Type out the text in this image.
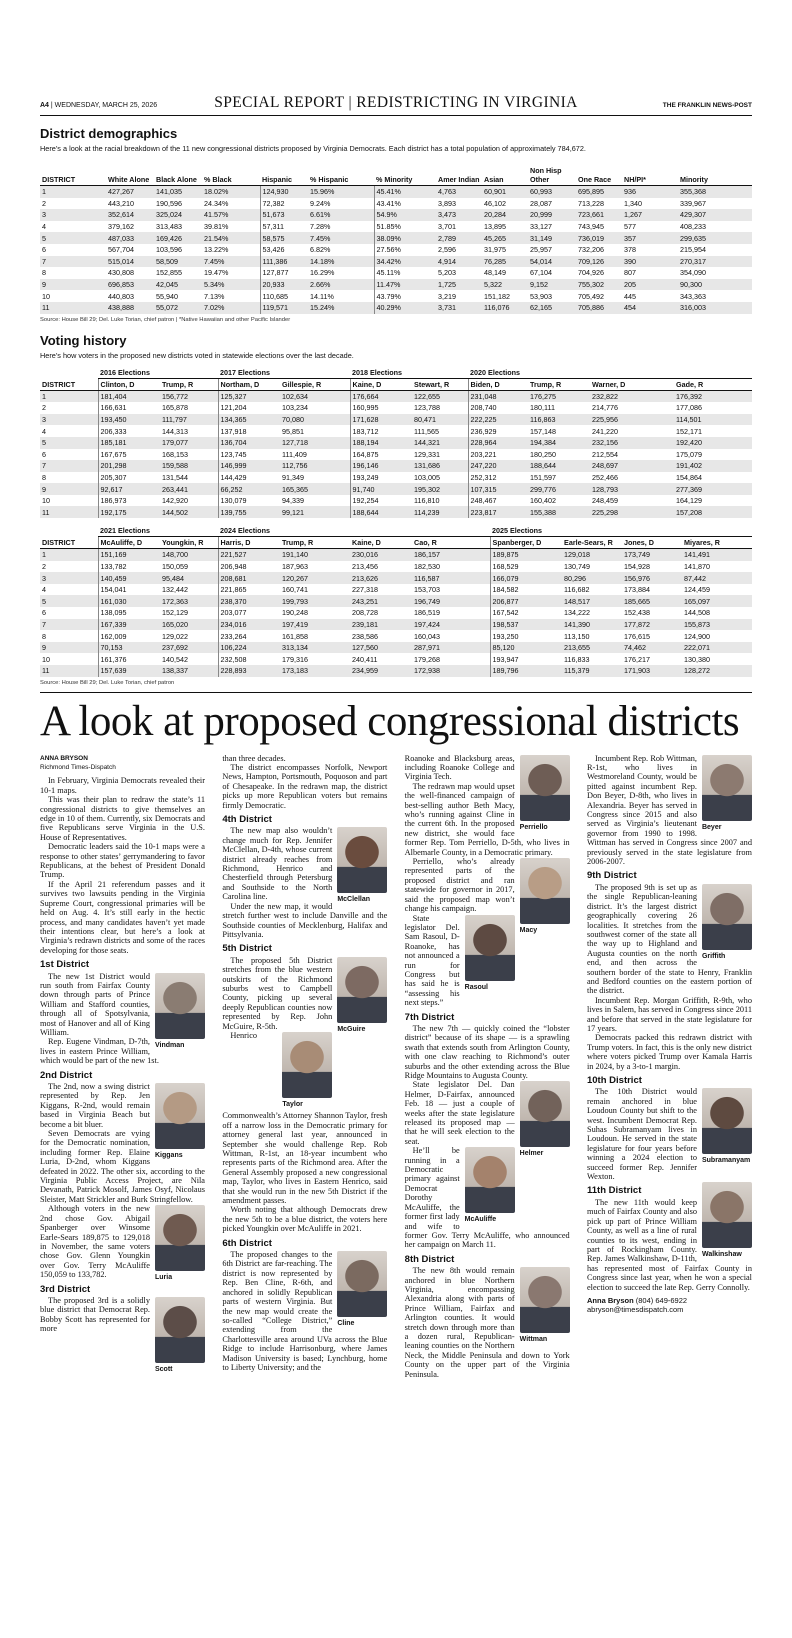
A4 | WEDNESDAY, MARCH 25, 2026	SPECIAL REPORT | REDISTRICTING IN VIRGINIA	THE FRANKLIN NEWS-POST
District demographics

Here’s a look at the racial breakdown of the 11 new congressional districts proposed by Virginia Democrats. Each district has a total population of approximately 784,672.

DISTRICT	White Alone	Black Alone	% Black	Hispanic	% Hispanic	% Minority	Amer Indian	Asian	Non Hisp Other	One Race	NH/PI*	Minority
1	427,267	141,035	18.02%	124,930	15.96%	45.41%	4,763	60,901	60,993	695,895	936	355,368
2	443,210	190,596	24.34%	72,382	9.24%	43.41%	3,893	46,102	28,087	713,228	1,340	339,967
3	352,614	325,024	41.57%	51,673	6.61%	54.9%	3,473	20,284	20,999	723,661	1,267	429,307
4	379,162	313,483	39.81%	57,311	7.28%	51.85%	3,701	13,895	33,127	743,945	577	408,233
5	487,033	169,426	21.54%	58,575	7.45%	38.09%	2,789	45,265	31,149	736,019	357	299,635
6	567,704	103,596	13.22%	53,426	6.82%	27.56%	2,596	31,975	25,957	732,206	378	215,954
7	515,014	58,509	7.45%	111,386	14.18%	34.42%	4,914	76,285	54,014	709,126	390	270,317
8	430,808	152,855	19.47%	127,877	16.29%	45.11%	5,203	48,149	67,104	704,926	807	354,090
9	696,853	42,045	5.34%	20,933	2.66%	11.47%	1,725	5,322	9,152	755,302	205	90,300
10	440,803	55,940	7.13%	110,685	14.11%	43.79%	3,219	151,182	53,903	705,492	445	343,363
11	438,888	55,072	7.02%	119,571	15.24%	40.29%	3,731	116,076	62,165	705,886	454	316,003
Source: House Bill 29; Del. Luke Torian, chief patron | *Native Hawaiian and other Pacific Islander
Voting history

Here’s how voters in the proposed new districts voted in statewide elections over the last decade.

	2016 Elections		2017 Elections		2018 Elections		2020 Elections			
DISTRICT	Clinton, D	Trump, R	Northam, D	Gillespie, R	Kaine, D	Stewart, R	Biden, D	Trump, R	Warner, D	Gade, R
1	181,404	156,772	125,327	102,634	176,664	122,655	231,048	176,275	232,822	176,392
2	166,631	165,878	121,204	103,234	160,995	123,788	208,740	180,111	214,776	177,086
3	193,450	111,797	134,365	70,080	171,628	80,471	222,225	116,863	225,956	114,501
4	206,333	144,313	137,918	95,851	183,712	111,565	236,929	157,148	241,220	152,171
5	185,181	179,077	136,704	127,718	188,194	144,321	228,964	194,384	232,156	192,420
6	167,675	168,153	123,745	111,409	164,875	129,331	203,221	180,250	212,554	175,079
7	201,298	159,588	146,999	112,756	196,146	131,686	247,220	188,644	248,697	191,402
8	205,307	131,544	144,429	91,349	193,249	103,005	252,312	151,597	252,466	154,864
9	92,617	263,441	66,252	165,365	91,740	195,302	107,315	299,776	128,793	277,369
10	186,973	142,920	130,079	94,339	192,254	116,810	248,467	160,402	248,459	164,129
11	192,175	144,502	139,755	99,121	188,644	114,239	223,817	155,388	225,298	157,208
	2021 Elections		2024 Elections				2025 Elections			
DISTRICT	McAuliffe, D	Youngkin, R	Harris, D	Trump, R	Kaine, D	Cao, R	Spanberger, D	Earle-Sears, R	Jones, D	Miyares, R
1	151,169	148,700	221,527	191,140	230,016	186,157	189,875	129,018	173,749	141,491
2	133,782	150,059	206,948	187,963	213,456	182,530	168,529	130,749	154,928	141,870
3	140,459	95,484	208,681	120,267	213,626	116,587	166,079	80,296	156,976	87,442
4	154,041	132,442	221,865	160,741	227,318	153,703	184,582	116,682	173,884	124,459
5	161,030	172,363	238,370	199,793	243,251	196,749	206,877	148,517	185,665	165,097
6	138,095	152,129	203,077	190,248	208,728	186,519	167,542	134,222	152,438	144,508
7	167,339	165,020	234,016	197,419	239,181	197,424	198,537	141,390	177,872	155,873
8	162,009	129,022	233,264	161,858	238,586	160,043	193,250	113,150	176,615	124,900
9	70,153	237,692	106,224	313,134	127,560	287,971	85,120	213,655	74,462	222,071
10	161,376	140,542	232,508	179,316	240,411	179,268	193,947	116,833	176,217	130,380
11	157,639	138,337	228,893	173,183	234,959	172,938	189,796	115,379	171,903	128,272
Source: House Bill 29; Del. Luke Torian, chief patron
A look at proposed congressional districts
ANNA BRYSON
Richmond Times-Dispatch

In February, Virginia Democrats revealed their 10-1 maps.

This was their plan to redraw the state’s 11 congressional districts to give themselves an edge in 10 of them. Currently, six Democrats and five Republicans serve Virginia in the U.S. House of Representatives.

Democratic leaders said the 10-1 maps were a response to other states’ gerrymandering to favor Republicans, at the behest of President Donald Trump.

If the April 21 referendum passes and it survives two lawsuits pending in the Virginia Supreme Court, congressional primaries will be held on Aug. 4. It’s still early in the hectic process, and many candidates haven’t yet made their intentions clear, but here’s a look at Virginia’s redrawn districts and some of the races developing for those seats.

1st District
Vindman

The new 1st District would run south from Fairfax County down through parts of Prince William and Stafford counties, through all of Spotsylvania, most of Hanover and all of King William.

Rep. Eugene Vindman, D-7th, lives in eastern Prince William, which would be part of the new 1st.

2nd District
Kiggans

The 2nd, now a swing district represented by Rep. Jen Kiggans, R-2nd, would remain based in Virginia Beach but become a bit bluer.

Seven Democrats are vying for the Democratic nomination, including former Rep. Elaine Luria, D-2nd, whom Kiggans defeated in 2022. The other six, according to the Virginia Public Access Project, are Nila Devanath, Patrick Mosolf, James Osyf, Nicolaus Sleister, Matt Strickler and Burk Stringfellow.

Luria

Although voters in the new 2nd chose Gov. Abigail Spanberger over Winsome Earle-Sears 189,875 to 129,018 in November, the same voters chose Gov. Glenn Youngkin over Gov. Terry McAuliffe 150,059 to 133,782.

3rd District
Scott

The proposed 3rd is a solidly blue district that Democrat Rep. Bobby Scott has represented for more

than three decades.

The district encompasses Norfolk, Newport News, Hampton, Portsmouth, Poquoson and part of Chesapeake. In the redrawn map, the district picks up more Republican voters but remains firmly Democratic.

4th District
McClellan

The new map also wouldn’t change much for Rep. Jennifer McClellan, D-4th, whose current district already reaches from Richmond, Henrico and Chesterfield through Petersburg and Southside to the North Carolina line.

Under the new map, it would stretch further west to include Danville and the Southside counties of Mecklenburg, Halifax and Pittsylvania.

5th District
McGuire

The proposed 5th District stretches from the blue western outskirts of the Richmond suburbs west to Campbell County, picking up several deeply Republican counties now represented by Rep. John McGuire, R-5th.

Taylor

Henrico Commonwealth’s Attorney Shannon Taylor, fresh off a narrow loss in the Democratic primary for attorney general last year, announced in September she would challenge Rep. Rob Wittman, R-1st, an 18-year incumbent who represents parts of the Richmond area. After the General Assembly proposed a new congressional map, Taylor, who lives in Eastern Henrico, said that she would run in the new 5th District if the amendment passes.

Worth noting that although Democrats drew the new 5th to be a blue district, the voters here picked Youngkin over McAuliffe in 2021.

6th District
Cline

The proposed changes to the 6th District are far-reaching. The district is now represented by Rep. Ben Cline, R-6th, and anchored in solidly Republican parts of western Virginia. But the new map would create the so-called “College District,” extending from the Charlottesville area around UVa across the Blue Ridge to include Harrisonburg, where James Madison University is based; Lynchburg, home to Liberty University; and the

Perriello

Roanoke and Blacksburg areas, including Roanoke College and Virginia Tech.

The redrawn map would upset the well-financed campaign of best-selling author Beth Macy, who’s running against Cline in the current 6th. In the proposed new district, she would face former Rep. Tom Perriello, D-5th, who lives in Albemarle County, in a Democratic primary.

Macy

Perriello, who’s already represented parts of the proposed district and ran statewide for governor in 2017, said the proposed map won’t change his campaign.

Rasoul

State legislator Del. Sam Rasoul, D-Roanoke, has not announced a run for Congress but has said he is “assessing his next steps.”

7th District

The new 7th — quickly coined the “lobster district” because of its shape — is a sprawling swath that extends south from Arlington County, with one claw reaching to Richmond’s outer suburbs and the other extending across the Blue Ridge Mountains to Augusta County.

Helmer

State legislator Del. Dan Helmer, D-Fairfax, announced Feb. 18 — just a couple of weeks after the state legislature released its proposed map — that he will seek election to the seat.

McAuliffe

He’ll be running in a Democratic primary against Democrat Dorothy McAuliffe, the former first lady and wife to former Gov. Terry McAuliffe, who announced her campaign on March 11.

8th District
Wittman

The new 8th would remain anchored in blue Northern Virginia, encompassing Alexandria along with parts of Prince William, Fairfax and Arlington counties. It would stretch down through more than a dozen rural, Republican-leaning counties on the Northern Neck, the Middle Peninsula and down to York County on the upper part of the Virginia Peninsula.

Beyer

Incumbent Rep. Rob Wittman, R-1st, who lives in Westmoreland County, would be pitted against incumbent Rep. Don Beyer, D-8th, who lives in Alexandria. Beyer has served in Congress since 2015 and also served as Virginia’s lieutenant governor from 1990 to 1998. Wittman has served in Congress since 2007 and previously served in the state legislature from 2006-2007.

9th District
Griffith

The proposed 9th is set up as the single Republican-leaning district. It’s the largest district geographically covering 26 localities. It stretches from the southwest corner of the state all the way up to Highland and Augusta counties on the north end, and then across the southern border of the state to Henry, Franklin and Bedford counties on the eastern portion of the district.

Incumbent Rep. Morgan Griffith, R-9th, who lives in Salem, has served in Congress since 2011 and before that served in the state legislature for 17 years.

Democrats packed this redrawn district with Trump voters. In fact, this is the only new district where voters picked Trump over Kamala Harris in 2024, by a 3-to-1 margin.

10th District
Subramanyam

The 10th District would remain anchored in blue Loudoun County but shift to the west. Incumbent Democrat Rep. Suhas Subramanyam lives in Loudoun. He served in the state legislature for four years before winning a 2024 election to succeed former Rep. Jennifer Wexton.

Walkinshaw
11th District

The new 11th would keep much of Fairfax County and also pick up part of Prince William County, as well as a line of rural counties to its west, ending in part of Rockingham County. Rep. James Walkinshaw, D-11th, has represented most of Fairfax County in Congress since last year, when he won a special election to succeed the late Rep. Gerry Connolly.

Anna Bryson (804) 649-6922
abryson@timesdispatch.com
